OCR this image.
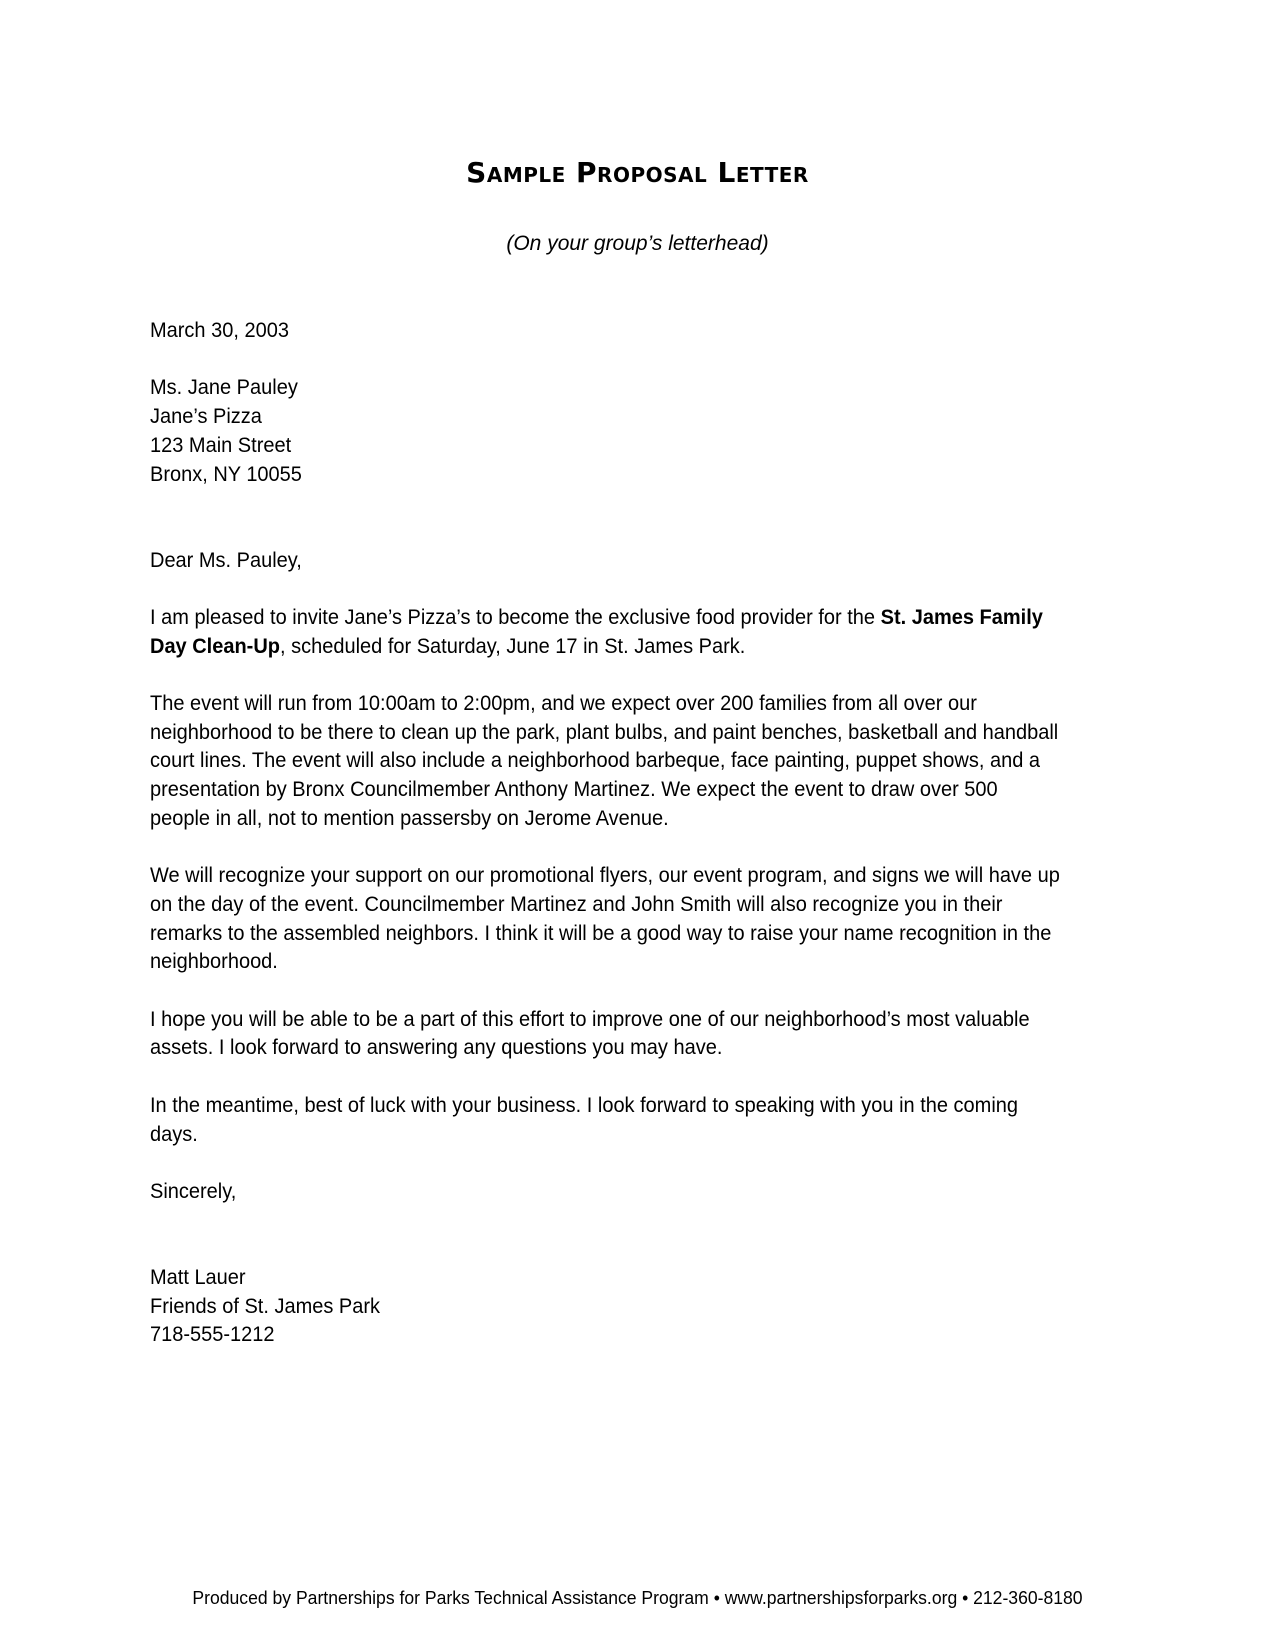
Sample Proposal Letter
(On your group’s letterhead)

March 30, 2003

Ms. Jane Pauley
Jane’s Pizza
123 Main Street
Bronx, NY 10055

Dear Ms. Pauley,

I am pleased to invite Jane’s Pizza’s to become the exclusive food provider for the St. James Family Day Clean-Up, scheduled for Saturday, June 17 in St. James Park.

The event will run from 10:00am to 2:00pm, and we expect over 200 families from all over our neighborhood to be there to clean up the park, plant bulbs, and paint benches, basketball and handball court lines. The event will also include a neighborhood barbeque, face painting, puppet shows, and a presentation by Bronx Councilmember Anthony Martinez. We expect the event to draw over 500 people in all, not to mention passersby on Jerome Avenue.

We will recognize your support on our promotional flyers, our event program, and signs we will have up on the day of the event. Councilmember Martinez and John Smith will also recognize you in their remarks to the assembled neighbors. I think it will be a good way to raise your name recognition in the neighborhood.

I hope you will be able to be a part of this effort to improve one of our neighborhood’s most valuable assets. I look forward to answering any questions you may have.

In the meantime, best of luck with your business. I look forward to speaking with you in the coming days.

Sincerely,

Matt Lauer
Friends of St. James Park
718-555-1212

Produced by Partnerships for Parks Technical Assistance Program • www.partnershipsforparks.org • 212-360-8180
